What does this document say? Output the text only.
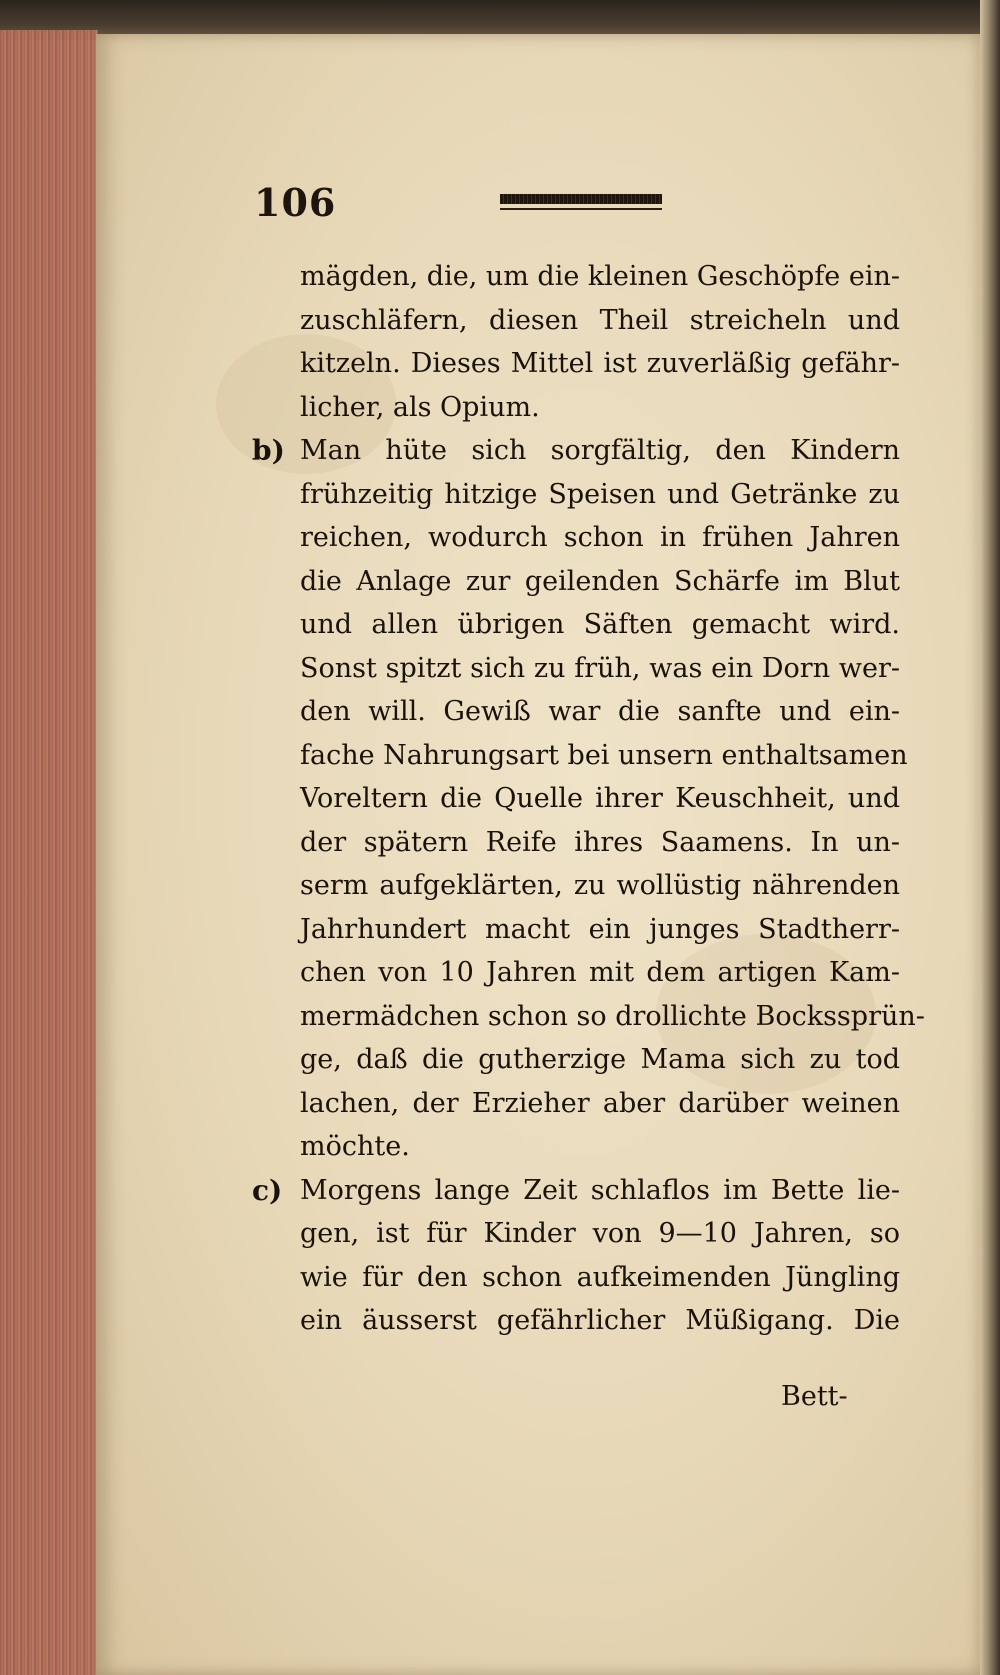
106
mägden, die, um die kleinen Geschöpfe ein-
zuschläfern, diesen Theil streicheln und
kitzeln. Dieses Mittel ist zuverläßig gefähr-
licher, als Opium.
b) Man hüte sich sorgfältig, den Kindern
frühzeitig hitzige Speisen und Getränke zu
reichen, wodurch schon in frühen Jahren
die Anlage zur geilenden Schärfe im Blut
und allen übrigen Säften gemacht wird.
Sonst spitzt sich zu früh, was ein Dorn wer-
den will. Gewiß war die sanfte und ein-
fache Nahrungsart bei unsern enthaltsamen
Voreltern die Quelle ihrer Keuschheit, und
der spätern Reife ihres Saamens. In un-
serm aufgeklärten, zu wollüstig nährenden
Jahrhundert macht ein junges Stadtherr-
chen von 10 Jahren mit dem artigen Kam-
mermädchen schon so drollichte Bockssprün-
ge, daß die gutherzige Mama sich zu tod
lachen, der Erzieher aber darüber weinen
möchte.
c) Morgens lange Zeit schlaflos im Bette lie-
gen, ist für Kinder von 9—10 Jahren, so
wie für den schon aufkeimenden Jüngling
ein äusserst gefährlicher Müßigang. Die
Bett-
